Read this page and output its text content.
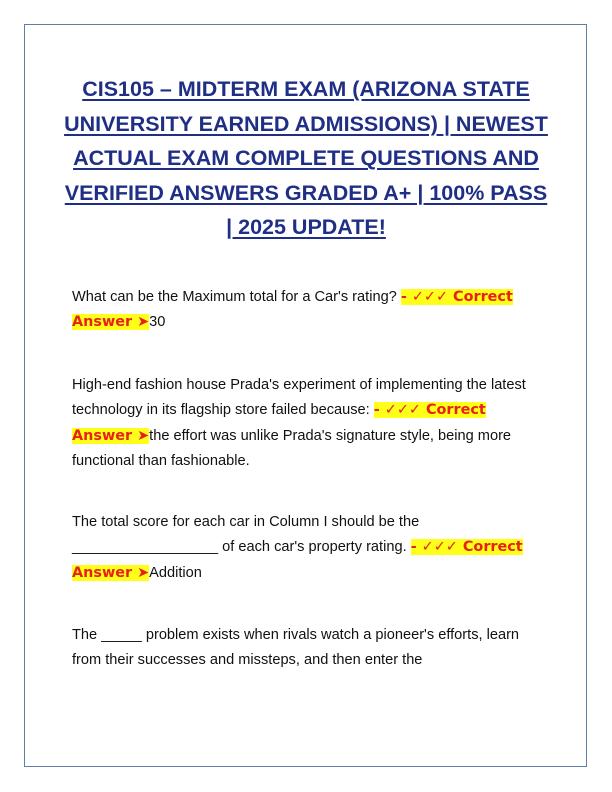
CIS105 – MIDTERM EXAM (ARIZONA STATE UNIVERSITY EARNED ADMISSIONS) | NEWEST ACTUAL EXAM COMPLETE QUESTIONS AND VERIFIED ANSWERS GRADED A+ | 100% PASS | 2025 UPDATE!

What can be the Maximum total for a Car's rating? - ✓✓✓ Correct Answer ➤30

High-end fashion house Prada's experiment of implementing the latest technology in its flagship store failed because: - ✓✓✓ Correct Answer ➤the effort was unlike Prada's signature style, being more functional than fashionable.

The total score for each car in Column I should be the __________________ of each car's property rating. - ✓✓✓ Correct Answer ➤Addition

The _____ problem exists when rivals watch a pioneer's efforts, learn from their successes and missteps, and then enter the
